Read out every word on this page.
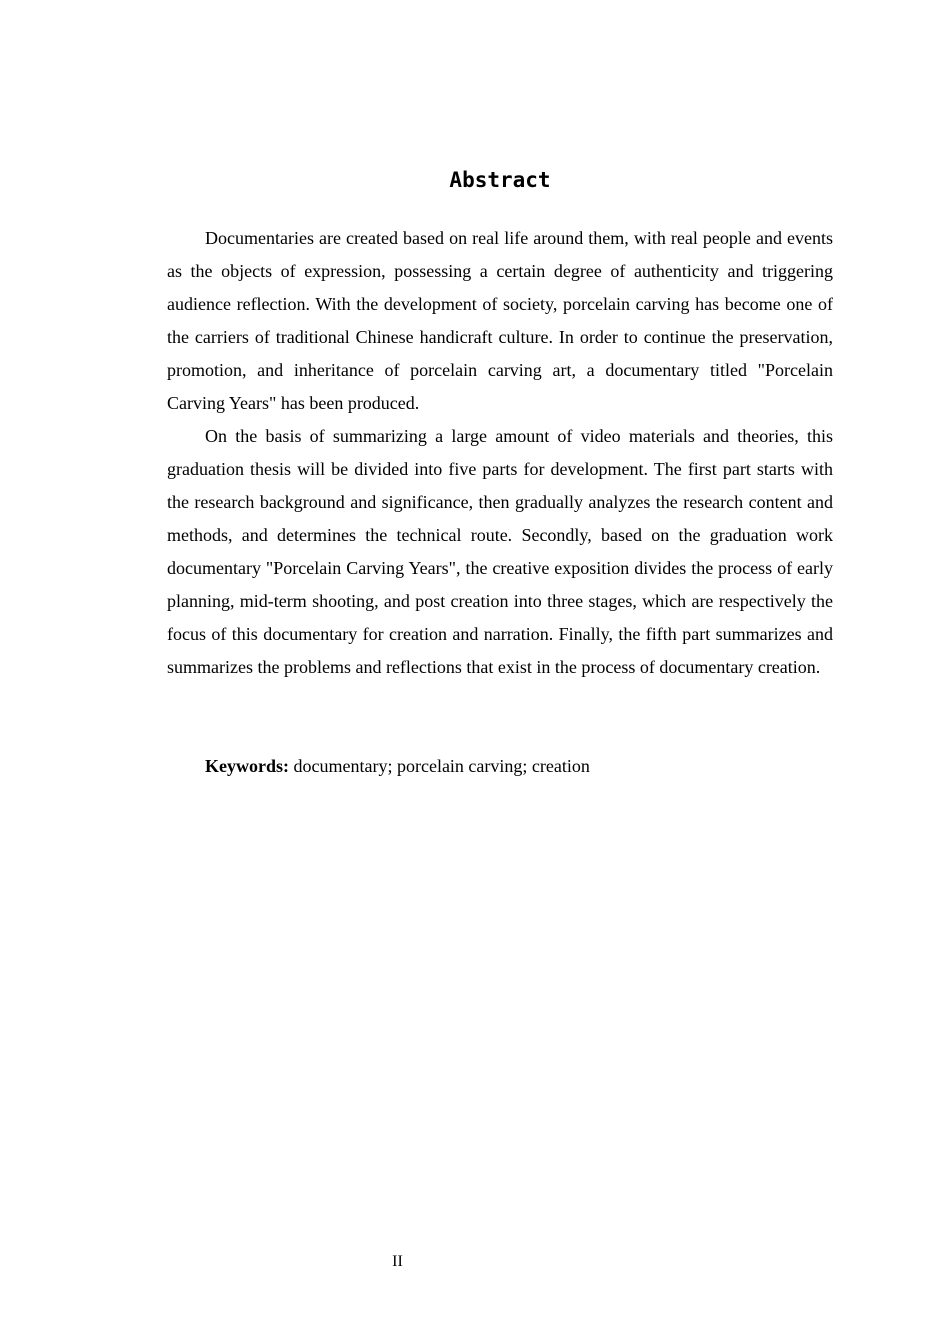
Abstract

Documentaries are created based on real life around them, with real people and events as the objects of expression, possessing a certain degree of authenticity and triggering audience reflection. With the development of society, porcelain carving has become one of the carriers of traditional Chinese handicraft culture. In order to continue the preservation, promotion, and inheritance of porcelain carving art, a documentary titled "Porcelain Carving Years" has been produced.

On the basis of summarizing a large amount of video materials and theories, this graduation thesis will be divided into five parts for development. The first part starts with the research background and significance, then gradually analyzes the research content and methods, and determines the technical route. Secondly, based on the graduation work documentary "Porcelain Carving Years", the creative exposition divides the process of early planning, mid-term shooting, and post creation into three stages, which are respectively the focus of this documentary for creation and narration. Finally, the fifth part summarizes and summarizes the problems and reflections that exist in the process of documentary creation.

Keywords: documentary; porcelain carving; creation

II
